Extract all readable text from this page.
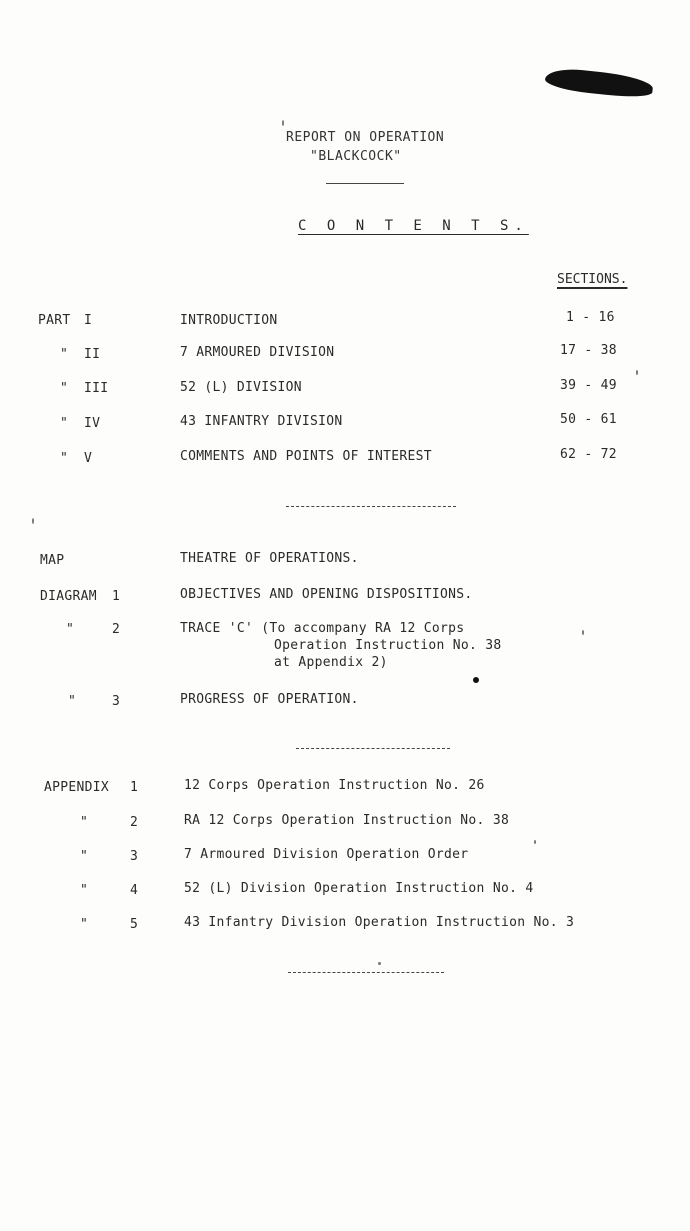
REPORT ON OPERATION
"BLACKCOCK"
C O N T E N T S.
SECTIONS.
PART I	INTRODUCTION	1 - 16
" II	7 ARMOURED DIVISION	17 - 38
" III	52 (L) DIVISION	39 - 49
" IV	43 INFANTRY DIVISION	50 - 61
" V	COMMENTS AND POINTS OF INTEREST	62 - 72
MAP	THEATRE OF OPERATIONS.
DIAGRAM 1	OBJECTIVES AND OPENING DISPOSITIONS.
"	2	TRACE 'C' (To accompany RA 12 Corps
Operation Instruction No. 38
at Appendix 2)
"	3	PROGRESS OF OPERATION.
APPENDIX 1	12 Corps Operation Instruction No. 26
"	2	RA 12 Corps Operation Instruction No. 38
"	3	7 Armoured Division Operation Order
"	4	52 (L) Division Operation Instruction No. 4
"	5	43 Infantry Division Operation Instruction No. 3
